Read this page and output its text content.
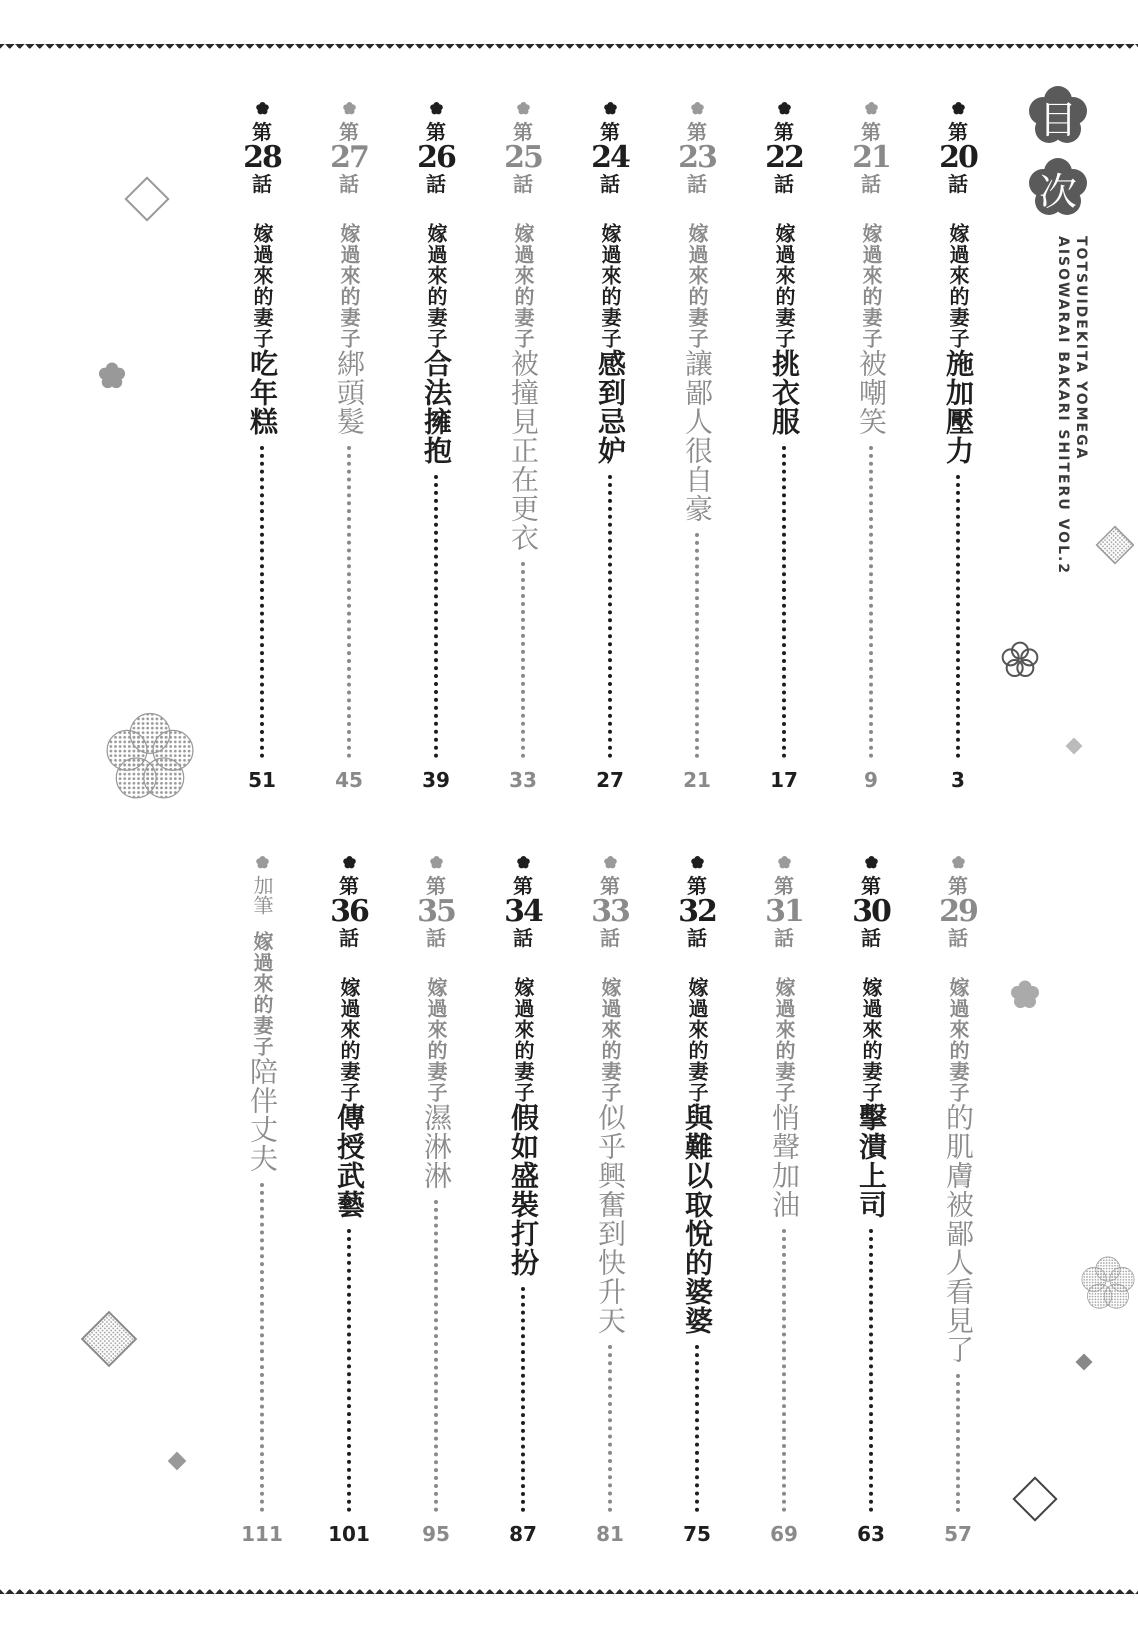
目
次
TOTSUIDEKITA YOMEGA
AISOWARAI BAKARI SHITERU VOL.2
第
20
話
嫁過來的妻子施加壓力
3
第
21
話
嫁過來的妻子被嘲笑
9
第
22
話
嫁過來的妻子挑衣服
17
第
23
話
嫁過來的妻子讓鄙人很自豪
21
第
24
話
嫁過來的妻子感到忌妒
27
第
25
話
嫁過來的妻子被撞見正在更衣
33
第
26
話
嫁過來的妻子合法擁抱
39
第
27
話
嫁過來的妻子綁頭髮
45
第
28
話
嫁過來的妻子吃年糕
51
第
29
話
嫁過來的妻子的肌膚被鄙人看見了
57
第
30
話
嫁過來的妻子擊潰上司
63
第
31
話
嫁過來的妻子悄聲加油
69
第
32
話
嫁過來的妻子與難以取悅的婆婆
75
第
33
話
嫁過來的妻子似乎興奮到快升天
81
第
34
話
嫁過來的妻子假如盛裝打扮
87
第
35
話
嫁過來的妻子濕淋淋
95
第
36
話
嫁過來的妻子傳授武藝
101
加筆
嫁過來的妻子陪伴丈夫
111
